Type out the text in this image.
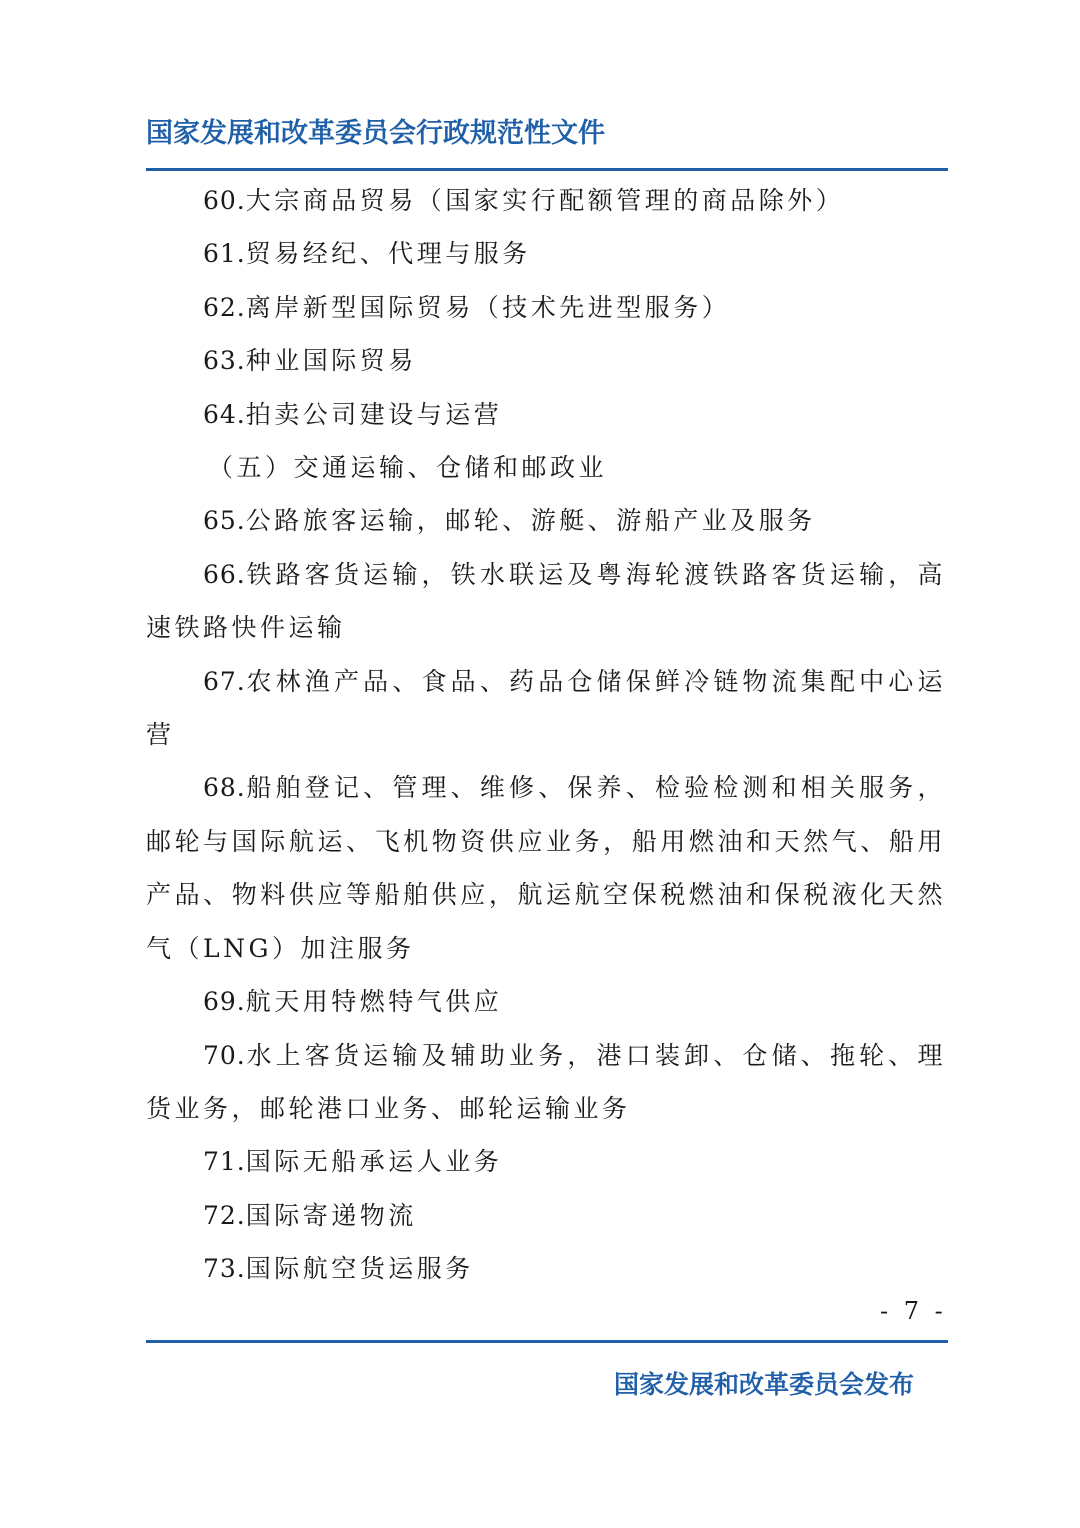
国家发展和改革委员会行政规范性文件

60.大宗商品贸易（国家实行配额管理的商品除外）

61.贸易经纪、代理与服务

62.离岸新型国际贸易（技术先进型服务）

63.种业国际贸易

64.拍卖公司建设与运营

（五）交通运输、仓储和邮政业

65.公路旅客运输，邮轮、游艇、游船产业及服务

66.铁路客货运输，铁水联运及粤海轮渡铁路客货运输，高速铁路快件运输

67.农林渔产品、食品、药品仓储保鲜冷链物流集配中心运营

68.船舶登记、管理、维修、保养、检验检测和相关服务，邮轮与国际航运、飞机物资供应业务，船用燃油和天然气、船用产品、物料供应等船舶供应，航运航空保税燃油和保税液化天然气（LNG）加注服务

69.航天用特燃特气供应

70.水上客货运输及辅助业务，港口装卸、仓储、拖轮、理货业务，邮轮港口业务、邮轮运输业务

71.国际无船承运人业务

72.国际寄递物流

73.国际航空货运服务

- 7 -
国家发展和改革委员会发布
